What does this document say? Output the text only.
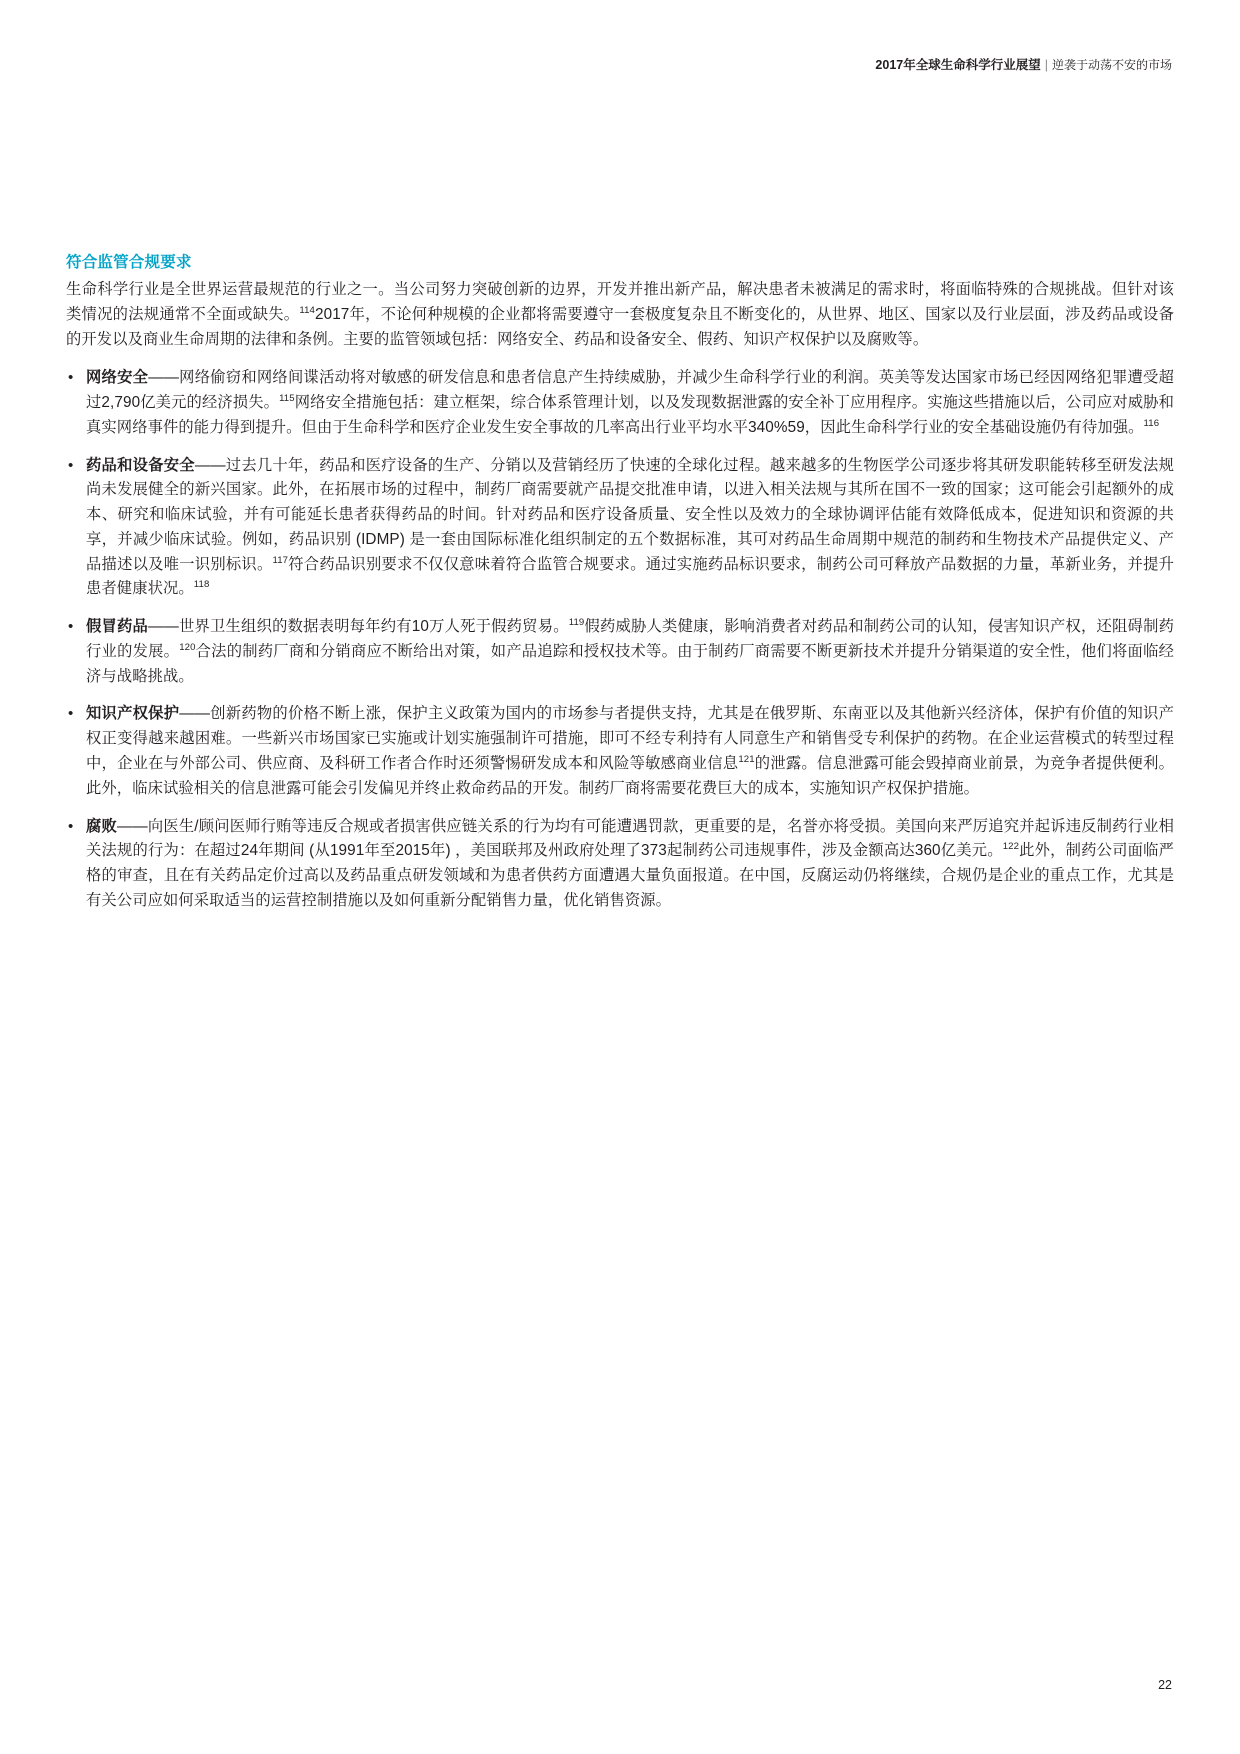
2017年全球生命科学行业展望 | 逆袭于动荡不安的市场
符合监管合规要求

生命科学行业是全世界运营最规范的行业之一。当公司努力突破创新的边界，开发并推出新产品，解决患者未被满足的需求时，将面临特殊的合规挑战。但针对该类情况的法规通常不全面或缺失。$^{114}$2017年，不论何种规模的企业都将需要遵守一套极度复杂且不断变化的，从世界、地区、国家以及行业层面，涉及药品或设备的开发以及商业生命周期的法律和条例。主要的监管领域包括：网络安全、药品和设备安全、假药、知识产权保护以及腐败等。

• 网络安全——网络偷窃和网络间谍活动将对敏感的研发信息和患者信息产生持续威胁，并减少生命科学行业的利润。英美等发达国家市场已经因网络犯罪遭受超过2,790亿美元的经济损失。$^{115}$网络安全措施包括：建立框架，综合体系管理计划，以及发现数据泄露的安全补丁应用程序。实施这些措施以后，公司应对威胁和真实网络事件的能力得到提升。但由于生命科学和医疗企业发生安全事故的几率高出行业平均水平340%59，因此生命科学行业的安全基础设施仍有待加强。$^{116}$
• 药品和设备安全——过去几十年，药品和医疗设备的生产、分销以及营销经历了快速的全球化过程。越来越多的生物医学公司逐步将其研发职能转移至研发法规尚未发展健全的新兴国家。此外，在拓展市场的过程中，制药厂商需要就产品提交批准申请，以进入相关法规与其所在国不一致的国家；这可能会引起额外的成本、研究和临床试验，并有可能延长患者获得药品的时间。针对药品和医疗设备质量、安全性以及效力的全球协调评估能有效降低成本，促进知识和资源的共享，并减少临床试验。例如，药品识别 (IDMP) 是一套由国际标准化组织制定的五个数据标准，其可对药品生命周期中规范的制药和生物技术产品提供定义、产品描述以及唯一识别标识。$^{117}$符合药品识别要求不仅仅意味着符合监管合规要求。通过实施药品标识要求，制药公司可释放产品数据的力量，革新业务，并提升患者健康状况。$^{118}$
• 假冒药品——世界卫生组织的数据表明每年约有10万人死于假药贸易。$^{119}$假药威胁人类健康，影响消费者对药品和制药公司的认知，侵害知识产权，还阻碍制药行业的发展。$^{120}$合法的制药厂商和分销商应不断给出对策，如产品追踪和授权技术等。由于制药厂商需要不断更新技术并提升分销渠道的安全性，他们将面临经济与战略挑战。
• 知识产权保护——创新药物的价格不断上涨，保护主义政策为国内的市场参与者提供支持，尤其是在俄罗斯、东南亚以及其他新兴经济体，保护有价值的知识产权正变得越来越困难。一些新兴市场国家已实施或计划实施强制许可措施，即可不经专利持有人同意生产和销售受专利保护的药物。在企业运营模式的转型过程中，企业在与外部公司、供应商、及科研工作者合作时还须警惕研发成本和风险等敏感商业信息$^{121}$的泄露。信息泄露可能会毁掉商业前景，为竞争者提供便利。此外，临床试验相关的信息泄露可能会引发偏见并终止救命药品的开发。制药厂商将需要花费巨大的成本，实施知识产权保护措施。
• 腐败——向医生/顾问医师行贿等违反合规或者损害供应链关系的行为均有可能遭遇罚款，更重要的是，名誉亦将受损。美国向来严厉追究并起诉违反制药行业相关法规的行为：在超过24年期间 (从1991年至2015年) ，美国联邦及州政府处理了373起制药公司违规事件，涉及金额高达360亿美元。$^{122}$此外，制药公司面临严格的审查，且在有关药品定价过高以及药品重点研发领域和为患者供药方面遭遇大量负面报道。在中国，反腐运动仍将继续，合规仍是企业的重点工作，尤其是有关公司应如何采取适当的运营控制措施以及如何重新分配销售力量，优化销售资源。
22
